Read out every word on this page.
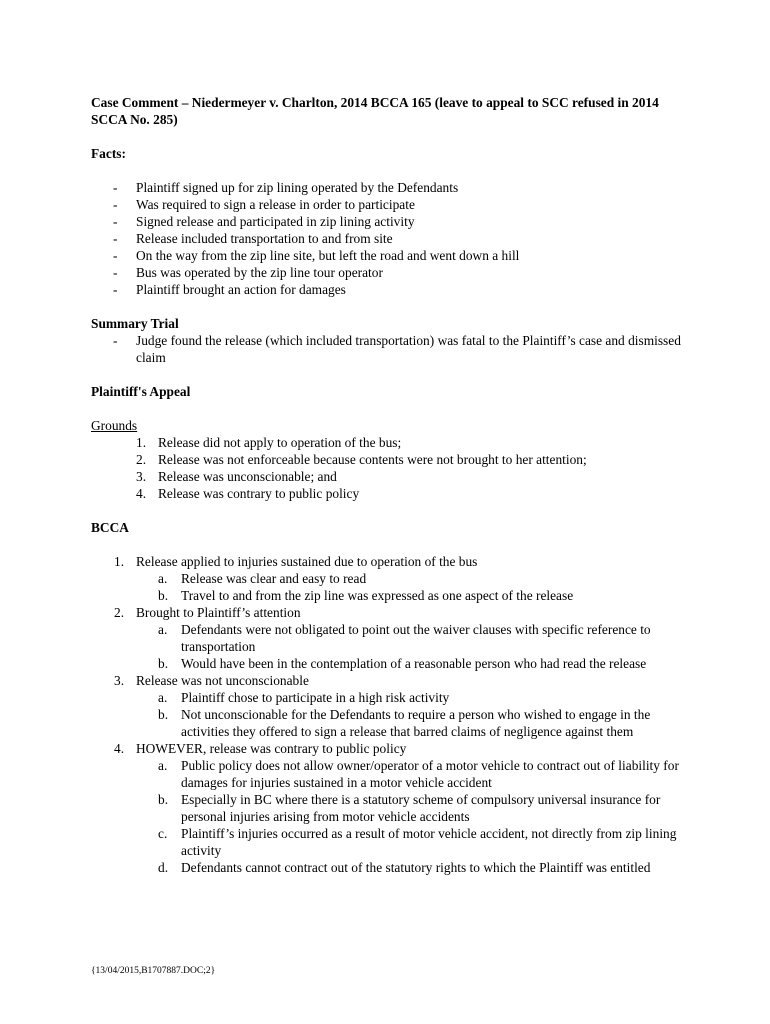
Case Comment – Niedermeyer v. Charlton, 2014 BCCA 165 (leave to appeal to SCC refused in 2014 SCCA No. 285)

Facts:

- Plaintiff signed up for zip lining operated by the Defendants
- Was required to sign a release in order to participate
- Signed release and participated in zip lining activity
- Release included transportation to and from site
- On the way from the zip line site, but left the road and went down a hill
- Bus was operated by the zip line tour operator
- Plaintiff brought an action for damages

Summary Trial

- Judge found the release (which included transportation) was fatal to the Plaintiff’s case and dismissed claim

Plaintiff's Appeal

Grounds

1. Release did not apply to operation of the bus;
2. Release was not enforceable because contents were not brought to her attention;
3. Release was unconscionable; and
4. Release was contrary to public policy

BCCA

1. Release applied to injuries sustained due to operation of the bus
a. Release was clear and easy to read
b. Travel to and from the zip line was expressed as one aspect of the release
2. Brought to Plaintiff’s attention
a. Defendants were not obligated to point out the waiver clauses with specific reference to transportation
b. Would have been in the contemplation of a reasonable person who had read the release
3. Release was not unconscionable
a. Plaintiff chose to participate in a high risk activity
b. Not unconscionable for the Defendants to require a person who wished to engage in the activities they offered to sign a release that barred claims of negligence against them
4. HOWEVER, release was contrary to public policy
a. Public policy does not allow owner/operator of a motor vehicle to contract out of liability for damages for injuries sustained in a motor vehicle accident
b. Especially in BC where there is a statutory scheme of compulsory universal insurance for personal injuries arising from motor vehicle accidents
c. Plaintiff’s injuries occurred as a result of motor vehicle accident, not directly from zip lining activity
d. Defendants cannot contract out of the statutory rights to which the Plaintiff was entitled
{13/04/2015,B1707887.DOC;2}
